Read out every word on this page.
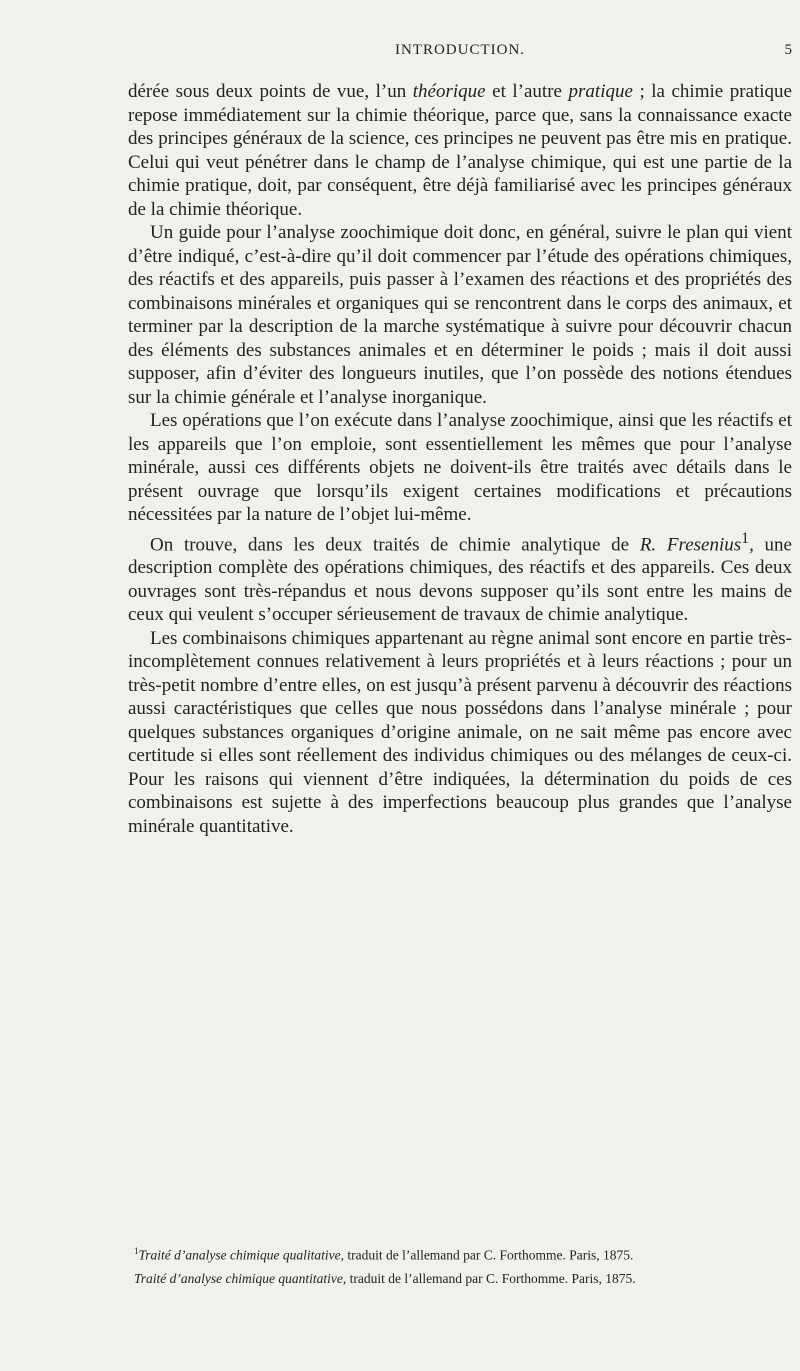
INTRODUCTION.	5

dérée sous deux points de vue, l’un théorique et l’autre pratique ; la chimie pratique repose immédiatement sur la chimie théorique, parce que, sans la connaissance exacte des principes généraux de la science, ces principes ne peuvent pas être mis en pratique. Celui qui veut pénétrer dans le champ de l’analyse chimique, qui est une partie de la chimie pratique, doit, par conséquent, être déjà familiarisé avec les principes généraux de la chimie théorique.

Un guide pour l’analyse zoochimique doit donc, en général, suivre le plan qui vient d’être indiqué, c’est-à-dire qu’il doit commencer par l’étude des opérations chimiques, des réactifs et des appareils, puis passer à l’examen des réactions et des propriétés des combinaisons minérales et organiques qui se rencontrent dans le corps des animaux, et terminer par la description de la marche systématique à suivre pour découvrir chacun des éléments des substances animales et en déterminer le poids ; mais il doit aussi supposer, afin d’éviter des longueurs inutiles, que l’on possède des notions étendues sur la chimie générale et l’analyse inorganique.

Les opérations que l’on exécute dans l’analyse zoochimique, ainsi que les réactifs et les appareils que l’on emploie, sont essentiellement les mêmes que pour l’analyse minérale, aussi ces différents objets ne doivent-ils être traités avec détails dans le présent ouvrage que lorsqu’ils exigent certaines modifications et précautions nécessitées par la nature de l’objet lui-même.

On trouve, dans les deux traités de chimie analytique de R. Fresenius$^1$, une description complète des opérations chimiques, des réactifs et des appareils. Ces deux ouvrages sont très-répandus et nous devons supposer qu’ils sont entre les mains de ceux qui veulent s’occuper sérieusement de travaux de chimie analytique.

Les combinaisons chimiques appartenant au règne animal sont encore en partie très-incomplètement connues relativement à leurs propriétés et à leurs réactions ; pour un très-petit nombre d’entre elles, on est jusqu’à présent parvenu à découvrir des réactions aussi caractéristiques que celles que nous possédons dans l’analyse minérale ; pour quelques substances organiques d’origine animale, on ne sait même pas encore avec certitude si elles sont réellement des individus chimiques ou des mélanges de ceux-ci. Pour les raisons qui viennent d’être indiquées, la détermination du poids de ces combinaisons est sujette à des imperfections beaucoup plus grandes que l’analyse minérale quantitative.

$^1$Traité d’analyse chimique qualitative, traduit de l’allemand par C. Forthomme. Paris, 1875.

Traité d’analyse chimique quantitative, traduit de l’allemand par C. Forthomme. Paris, 1875.
